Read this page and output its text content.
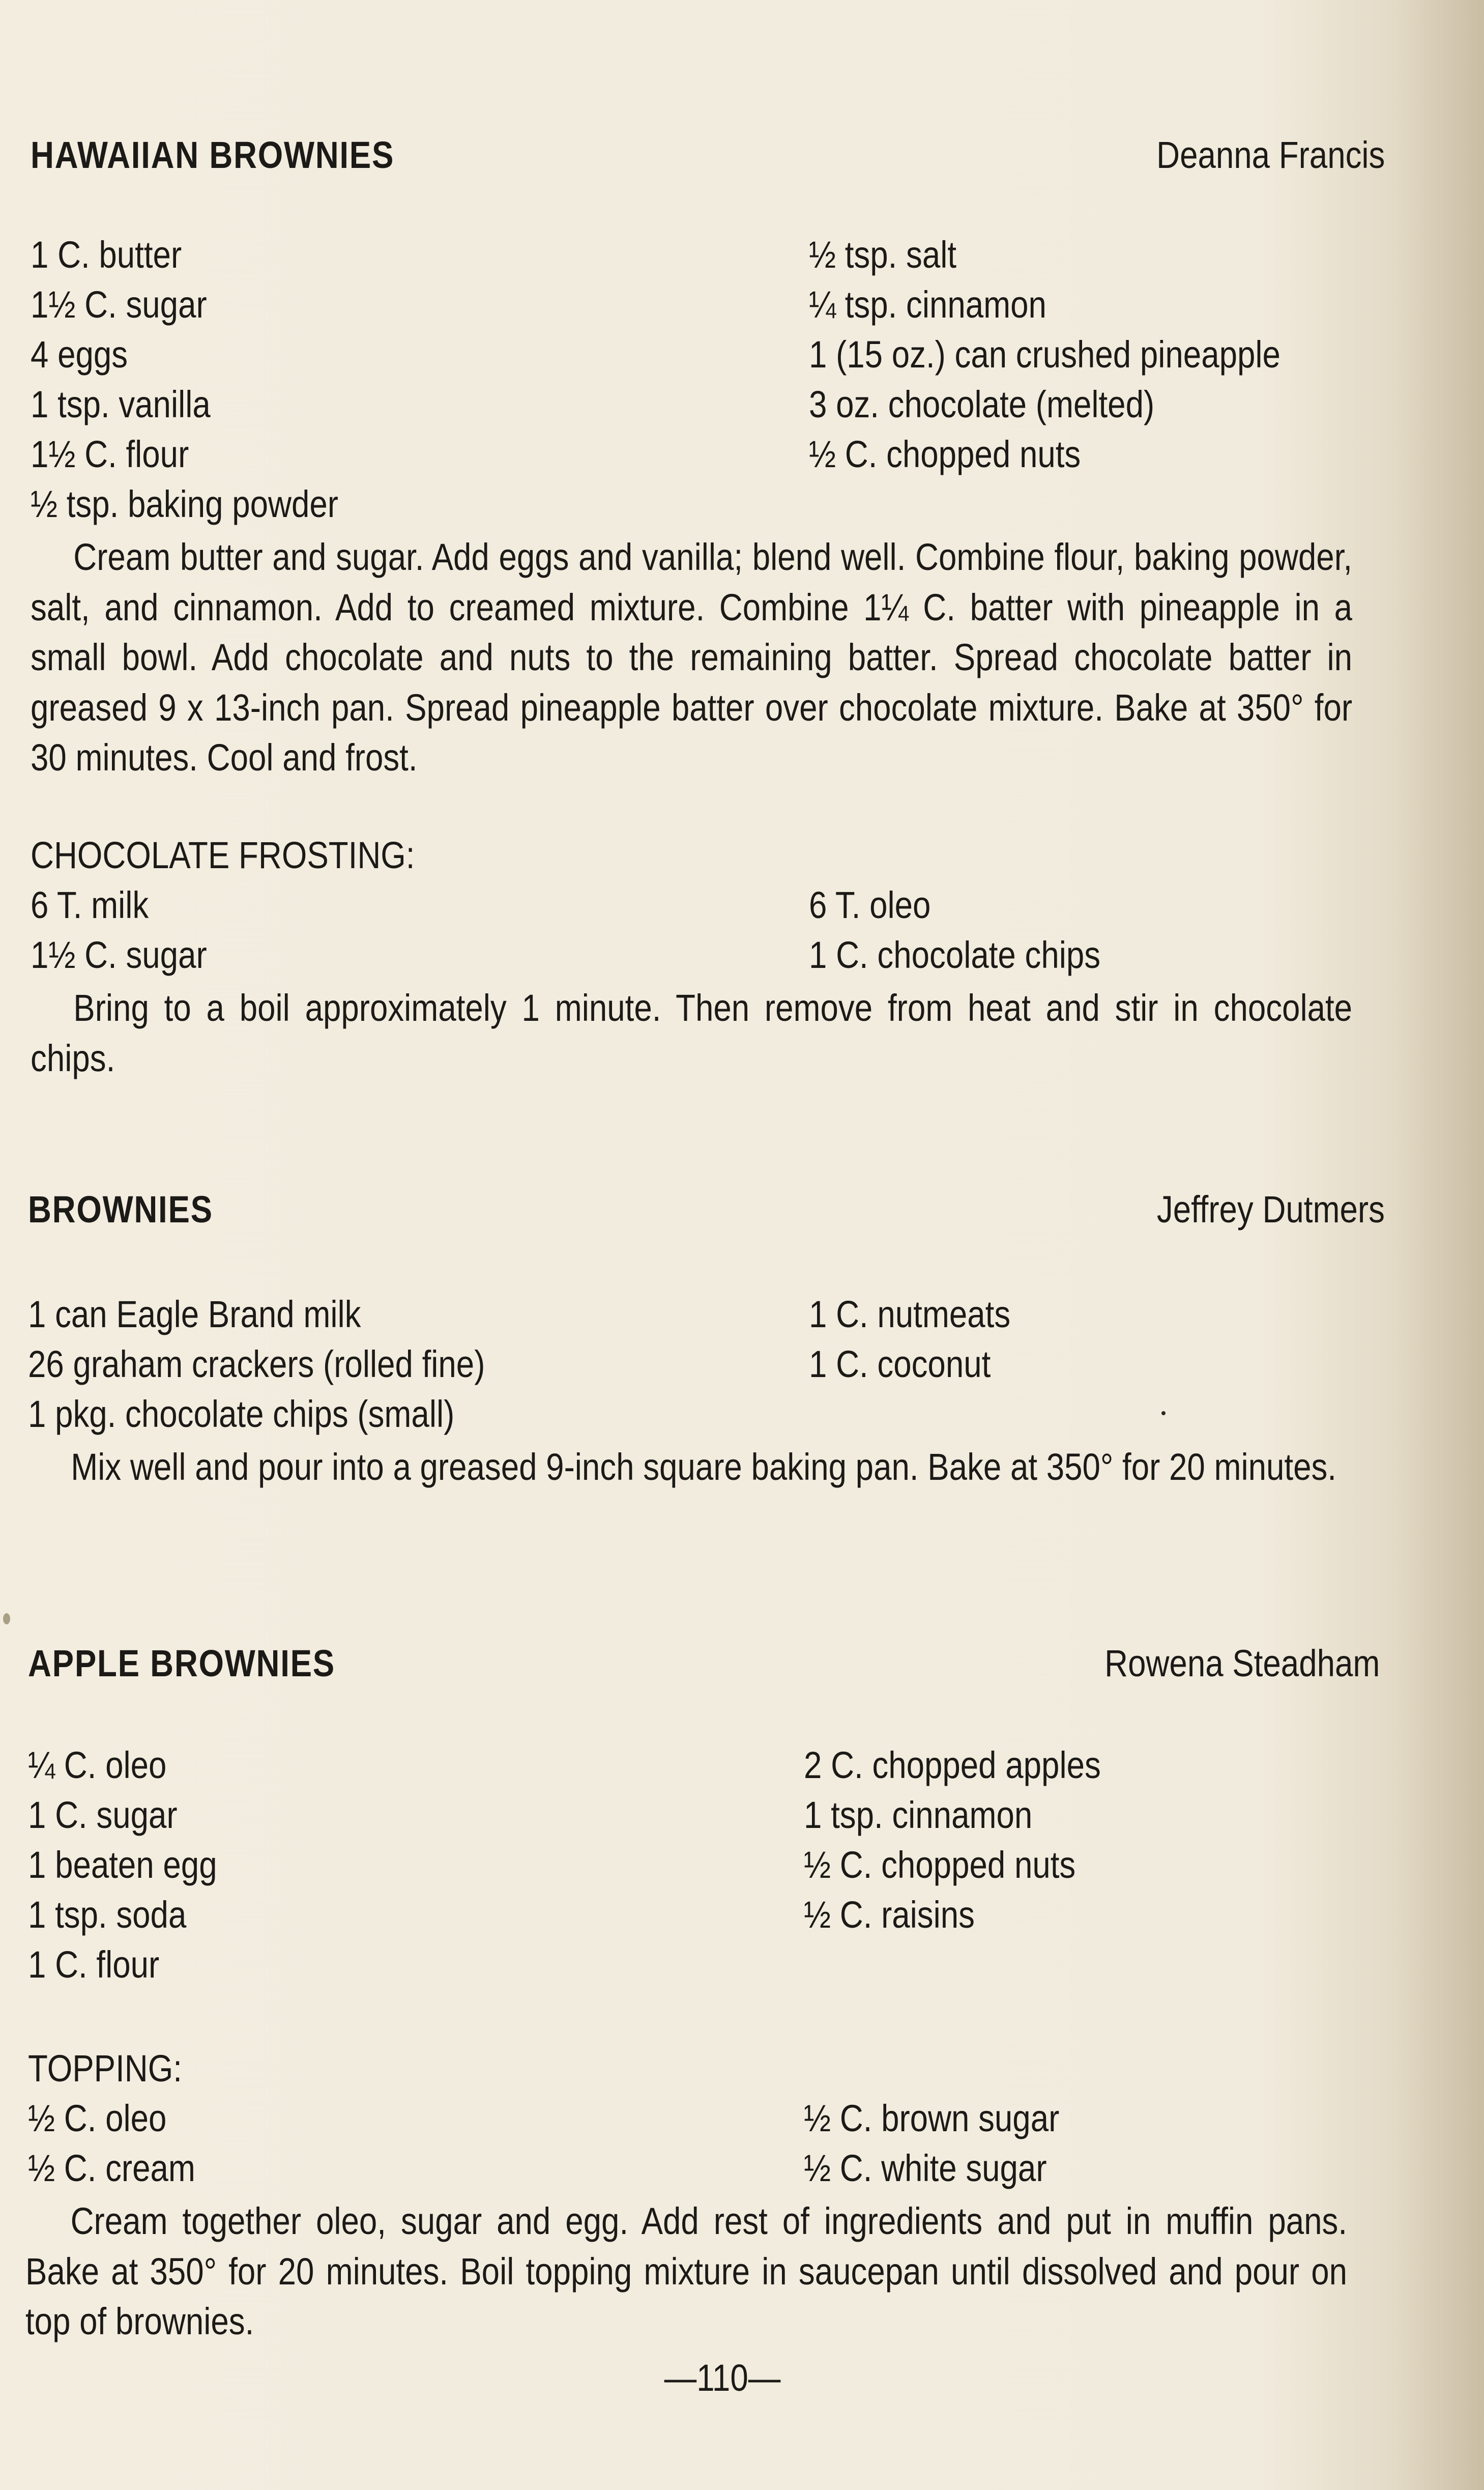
HAWAIIAN BROWNIES	Deanna Francis
1 C. butter
1½ C. sugar
4 eggs
1 tsp. vanilla
1½ C. flour
½ tsp. baking powder
½ tsp. salt
¼ tsp. cinnamon
1 (15 oz.) can crushed pineapple
3 oz. chocolate (melted)
½ C. chopped nuts
Cream butter and sugar. Add eggs and vanilla; blend well. Combine flour, baking powder, salt, and cinnamon. Add to creamed mixture. Combine 1¼ C. batter with pineapple in a small bowl. Add chocolate and nuts to the remaining batter. Spread chocolate batter in greased 9 x 13-inch pan. Spread pineapple batter over chocolate mixture. Bake at 350° for 30 minutes. Cool and frost.
CHOCOLATE FROSTING:
6 T. milk
1½ C. sugar
6 T. oleo
1 C. chocolate chips
Bring to a boil approximately 1 minute. Then remove from heat and stir in chocolate chips.
BROWNIES	Jeffrey Dutmers
1 can Eagle Brand milk
26 graham crackers (rolled fine)
1 pkg. chocolate chips (small)
1 C. nutmeats
1 C. coconut
Mix well and pour into a greased 9-inch square baking pan. Bake at 350° for 20 minutes.
APPLE BROWNIES	Rowena Steadham
¼ C. oleo
1 C. sugar
1 beaten egg
1 tsp. soda
1 C. flour
2 C. chopped apples
1 tsp. cinnamon
½ C. chopped nuts
½ C. raisins
TOPPING:
½ C. oleo
½ C. cream
½ C. brown sugar
½ C. white sugar
Cream together oleo, sugar and egg. Add rest of ingredients and put in muffin pans. Bake at 350° for 20 minutes. Boil topping mixture in saucepan until dissolved and pour on top of brownies.
—110—
